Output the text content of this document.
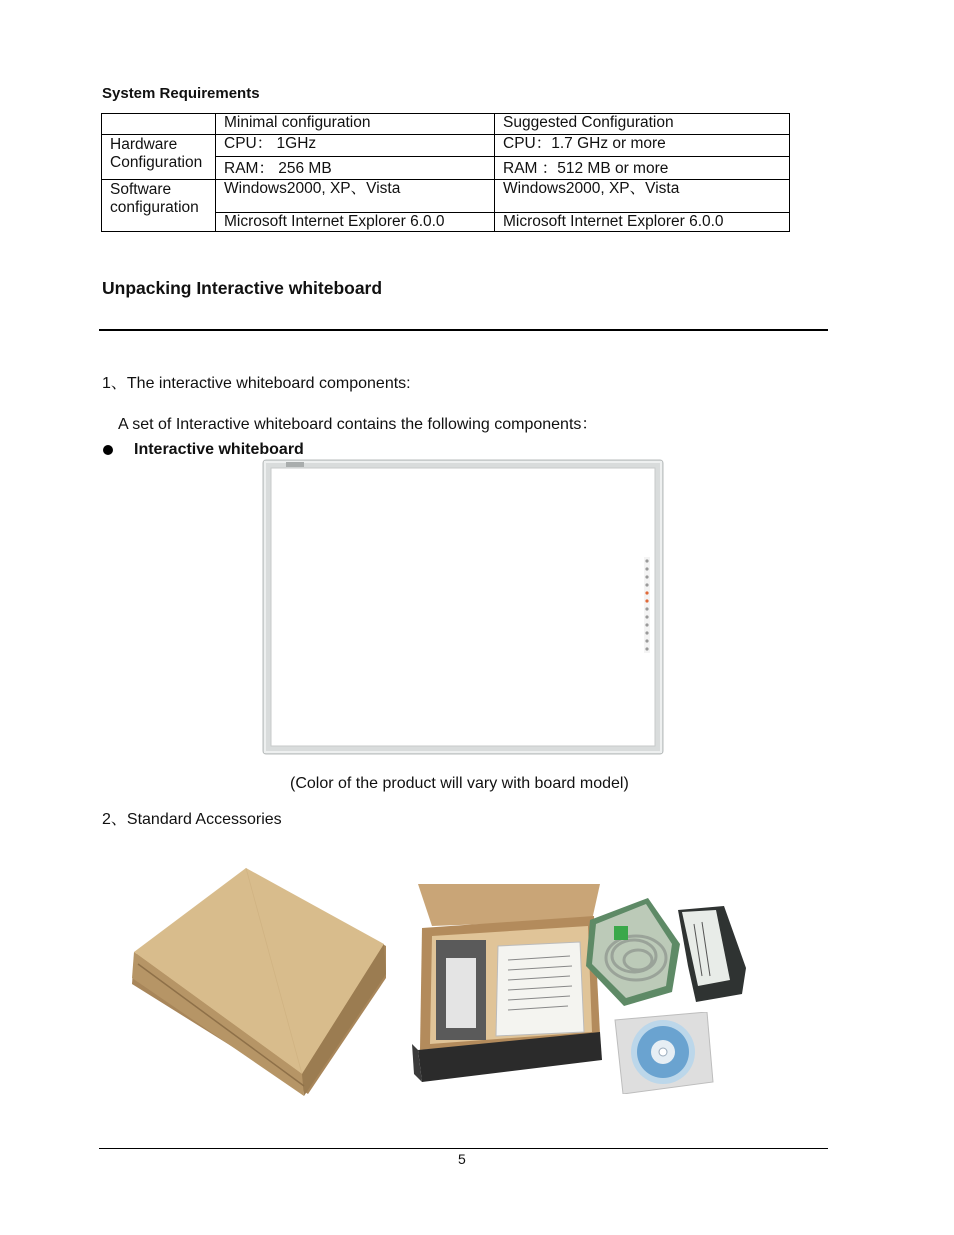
System Requirements
	Minimal configuration	Suggested Configuration
Hardware Configuration	CPU： 1GHz	CPU：1.7 GHz or more
	RAM： 256 MB	RAM ：512 MB or more
Software configuration	Windows2000, XP、Vista	Windows2000, XP、Vista
	Microsoft Internet Explorer 6.0.0	Microsoft Internet Explorer 6.0.0
Unpacking Interactive whiteboard
1、The interactive whiteboard components:
A set of Interactive whiteboard contains the following components：
Interactive whiteboard
(Color of the product will vary with board model)
2、Standard Accessories
5
